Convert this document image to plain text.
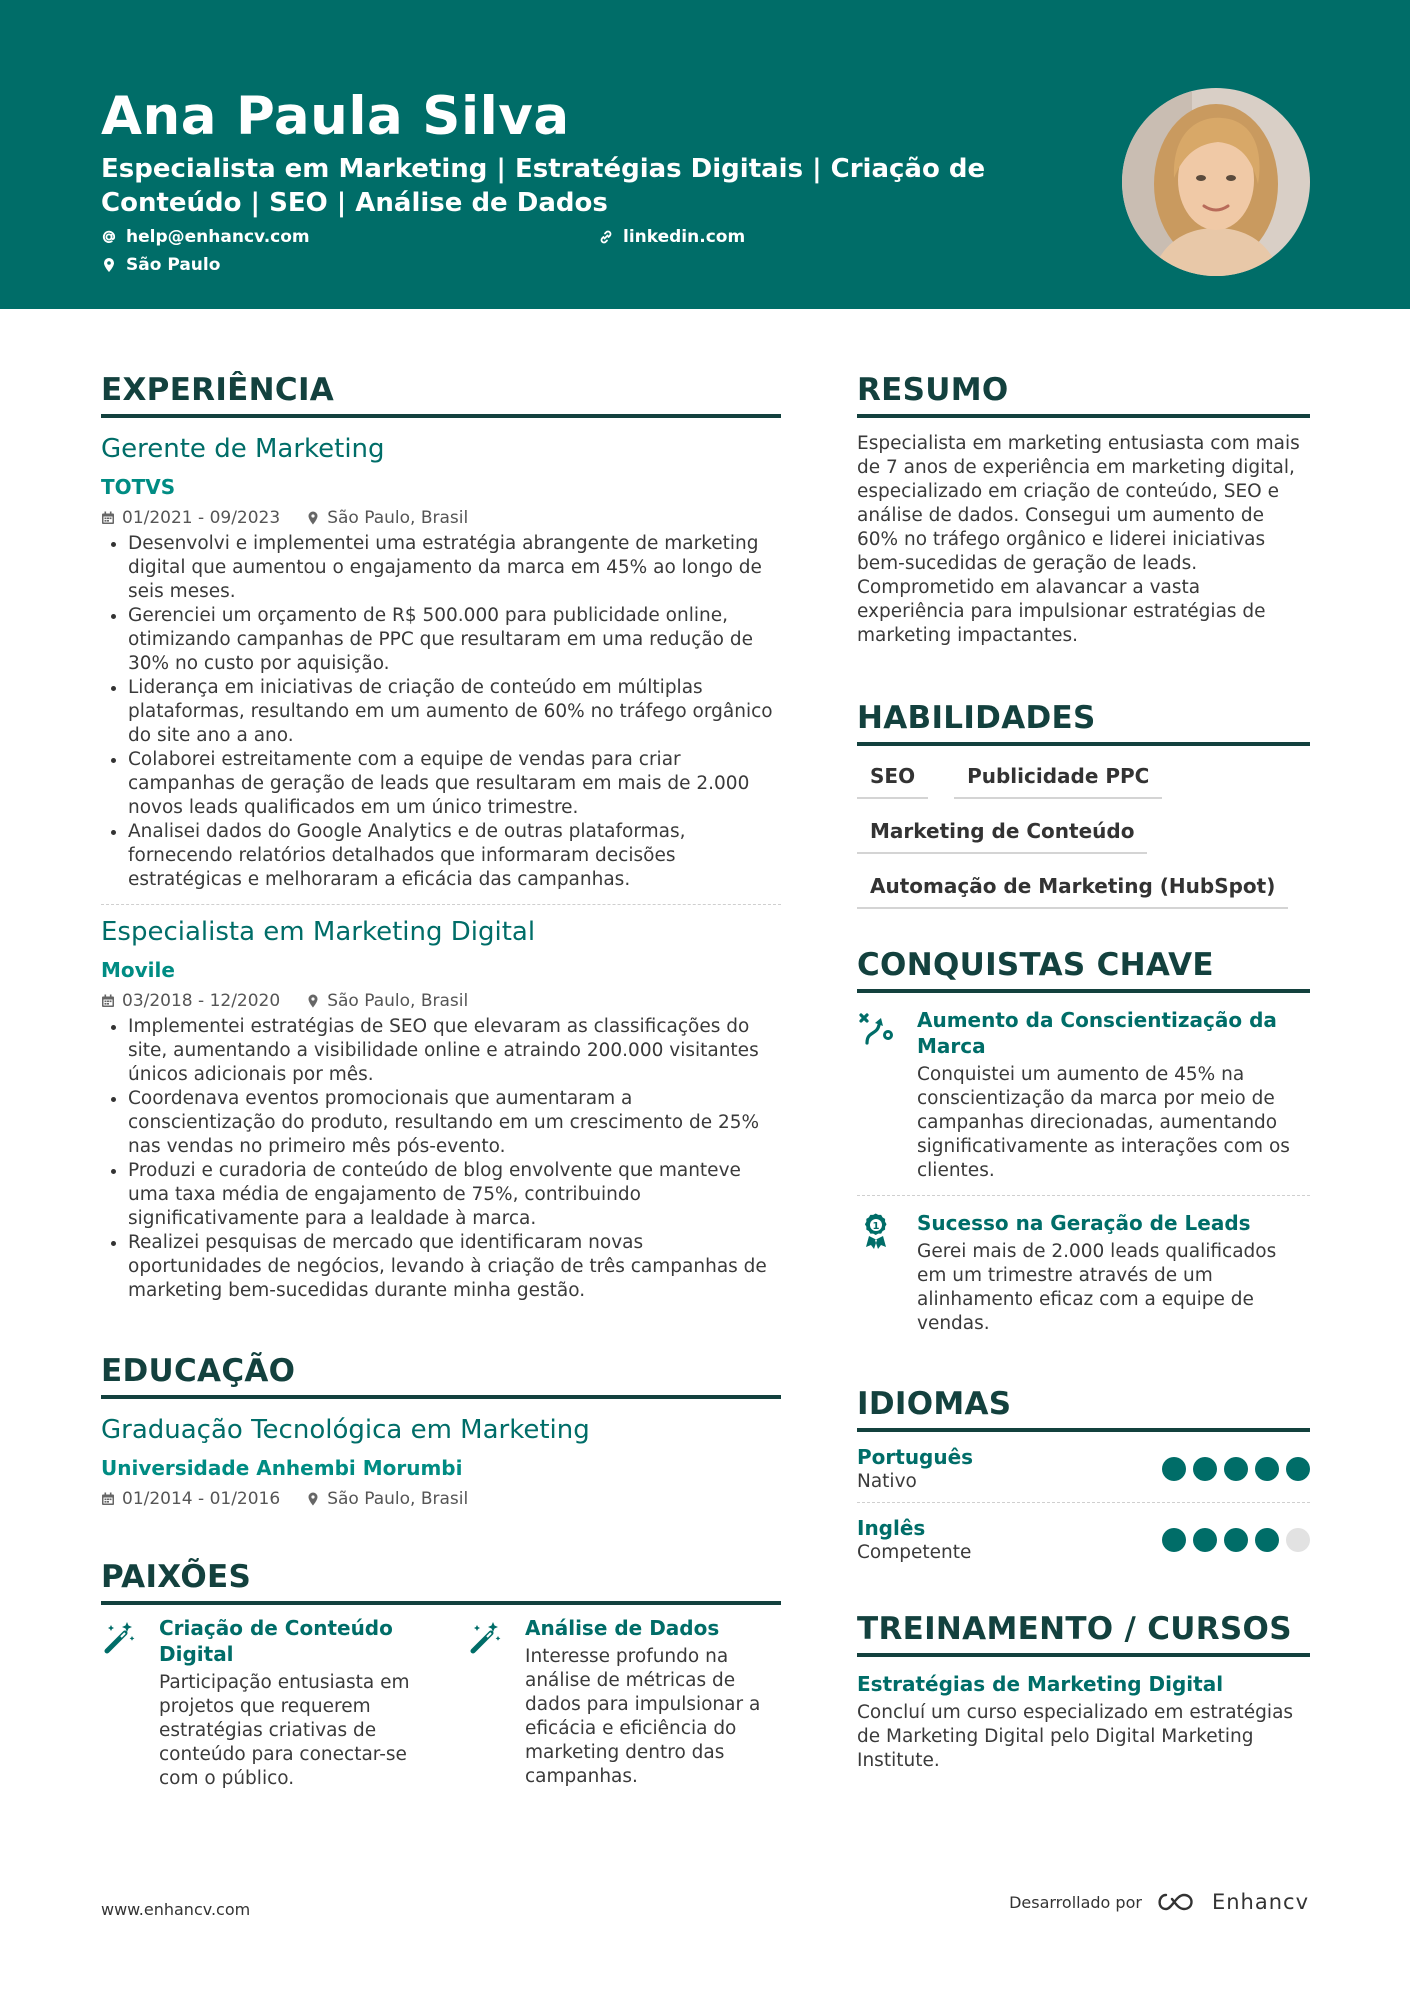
Ana Paula Silva
Especialista em Marketing | Estratégias Digitais | Criação de Conteúdo | SEO | Análise de Dados
help@enhancv.com	linkedin.com
São Paulo
EXPERIÊNCIA
Gerente de Marketing
TOTVS
01/2021 - 09/2023	São Paulo, Brasil
Desenvolvi e implementei uma estratégia abrangente de marketing digital que aumentou o engajamento da marca em 45% ao longo de seis meses.
Gerenciei um orçamento de R$ 500.000 para publicidade online, otimizando campanhas de PPC que resultaram em uma redução de 30% no custo por aquisição.
Liderança em iniciativas de criação de conteúdo em múltiplas plataformas, resultando em um aumento de 60% no tráfego orgânico do site ano a ano.
Colaborei estreitamente com a equipe de vendas para criar campanhas de geração de leads que resultaram em mais de 2.000 novos leads qualificados em um único trimestre.
Analisei dados do Google Analytics e de outras plataformas, fornecendo relatórios detalhados que informaram decisões estratégicas e melhoraram a eficácia das campanhas.
Especialista em Marketing Digital
Movile
03/2018 - 12/2020	São Paulo, Brasil
Implementei estratégias de SEO que elevaram as classificações do site, aumentando a visibilidade online e atraindo 200.000 visitantes únicos adicionais por mês.
Coordenava eventos promocionais que aumentaram a conscientização do produto, resultando em um crescimento de 25% nas vendas no primeiro mês pós-evento.
Produzi e curadoria de conteúdo de blog envolvente que manteve uma taxa média de engajamento de 75%, contribuindo significativamente para a lealdade à marca.
Realizei pesquisas de mercado que identificaram novas oportunidades de negócios, levando à criação de três campanhas de marketing bem-sucedidas durante minha gestão.
EDUCAÇÃO
Graduação Tecnológica em Marketing
Universidade Anhembi Morumbi
01/2014 - 01/2016	São Paulo, Brasil
PAIXÕES
Criação de Conteúdo Digital
Participação entusiasta em projetos que requerem estratégias criativas de conteúdo para conectar-se com o público.
Análise de Dados
Interesse profundo na análise de métricas de dados para impulsionar a eficácia e eficiência do marketing dentro das campanhas.
RESUMO
Especialista em marketing entusiasta com mais de 7 anos de experiência em marketing digital, especializado em criação de conteúdo, SEO e análise de dados. Consegui um aumento de 60% no tráfego orgânico e liderei iniciativas bem-sucedidas de geração de leads. Comprometido em alavancar a vasta experiência para impulsionar estratégias de marketing impactantes.
HABILIDADES
SEO	Publicidade PPC
Marketing de Conteúdo
Automação de Marketing (HubSpot)
CONQUISTAS CHAVE
Aumento da Conscientização da Marca
Conquistei um aumento de 45% na conscientização da marca por meio de campanhas direcionadas, aumentando significativamente as interações com os clientes.
1 Sucesso na Geração de Leads
Gerei mais de 2.000 leads qualificados em um trimestre através de um alinhamento eficaz com a equipe de vendas.
IDIOMAS
Português
Nativo
Inglês
Competente
TREINAMENTO / CURSOS
Estratégias de Marketing Digital
Concluí um curso especializado em estratégias de Marketing Digital pelo Digital Marketing Institute.
www.enhancv.com	Desarrollado por	Enhancv
